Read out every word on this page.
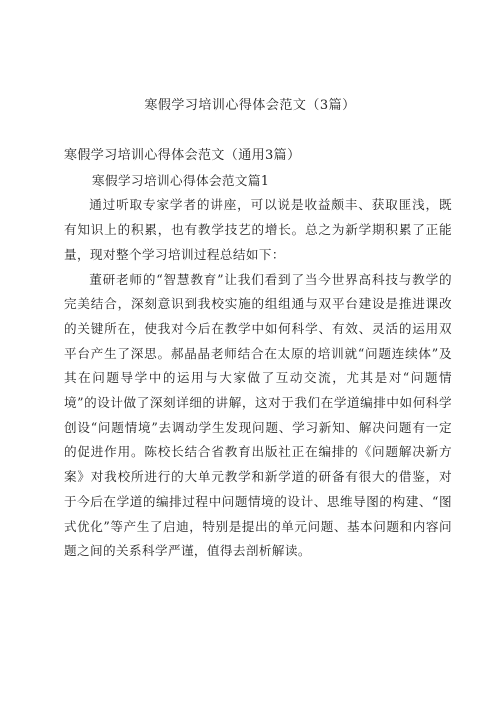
寒假学习培训心得体会范文（3篇）

寒假学习培训心得体会范文（通用3篇）

寒假学习培训心得体会范文篇1

通过听取专家学者的讲座，可以说是收益颇丰、获取匪浅，既有知识上的积累，也有教学技艺的增长。总之为新学期积累了正能量，现对整个学习培训过程总结如下：

董研老师的“智慧教育”让我们看到了当今世界高科技与教学的完美结合，深刻意识到我校实施的组组通与双平台建设是推进课改的关键所在，使我对今后在教学中如何科学、有效、灵活的运用双平台产生了深思。郝晶晶老师结合在太原的培训就“问题连续体”及其在问题导学中的运用与大家做了互动交流，尤其是对“问题情境”的设计做了深刻详细的讲解，这对于我们在学道编排中如何科学创设“问题情境”去调动学生发现问题、学习新知、解决问题有一定的促进作用。陈校长结合省教育出版社正在编排的《问题解决新方案》对我校所进行的大单元教学和新学道的研备有很大的借鉴，对于今后在学道的编排过程中问题情境的设计、思维导图的构建、“图式优化”等产生了启迪，特别是提出的单元问题、基本问题和内容问题之间的关系科学严谨，值得去剖析解读。
